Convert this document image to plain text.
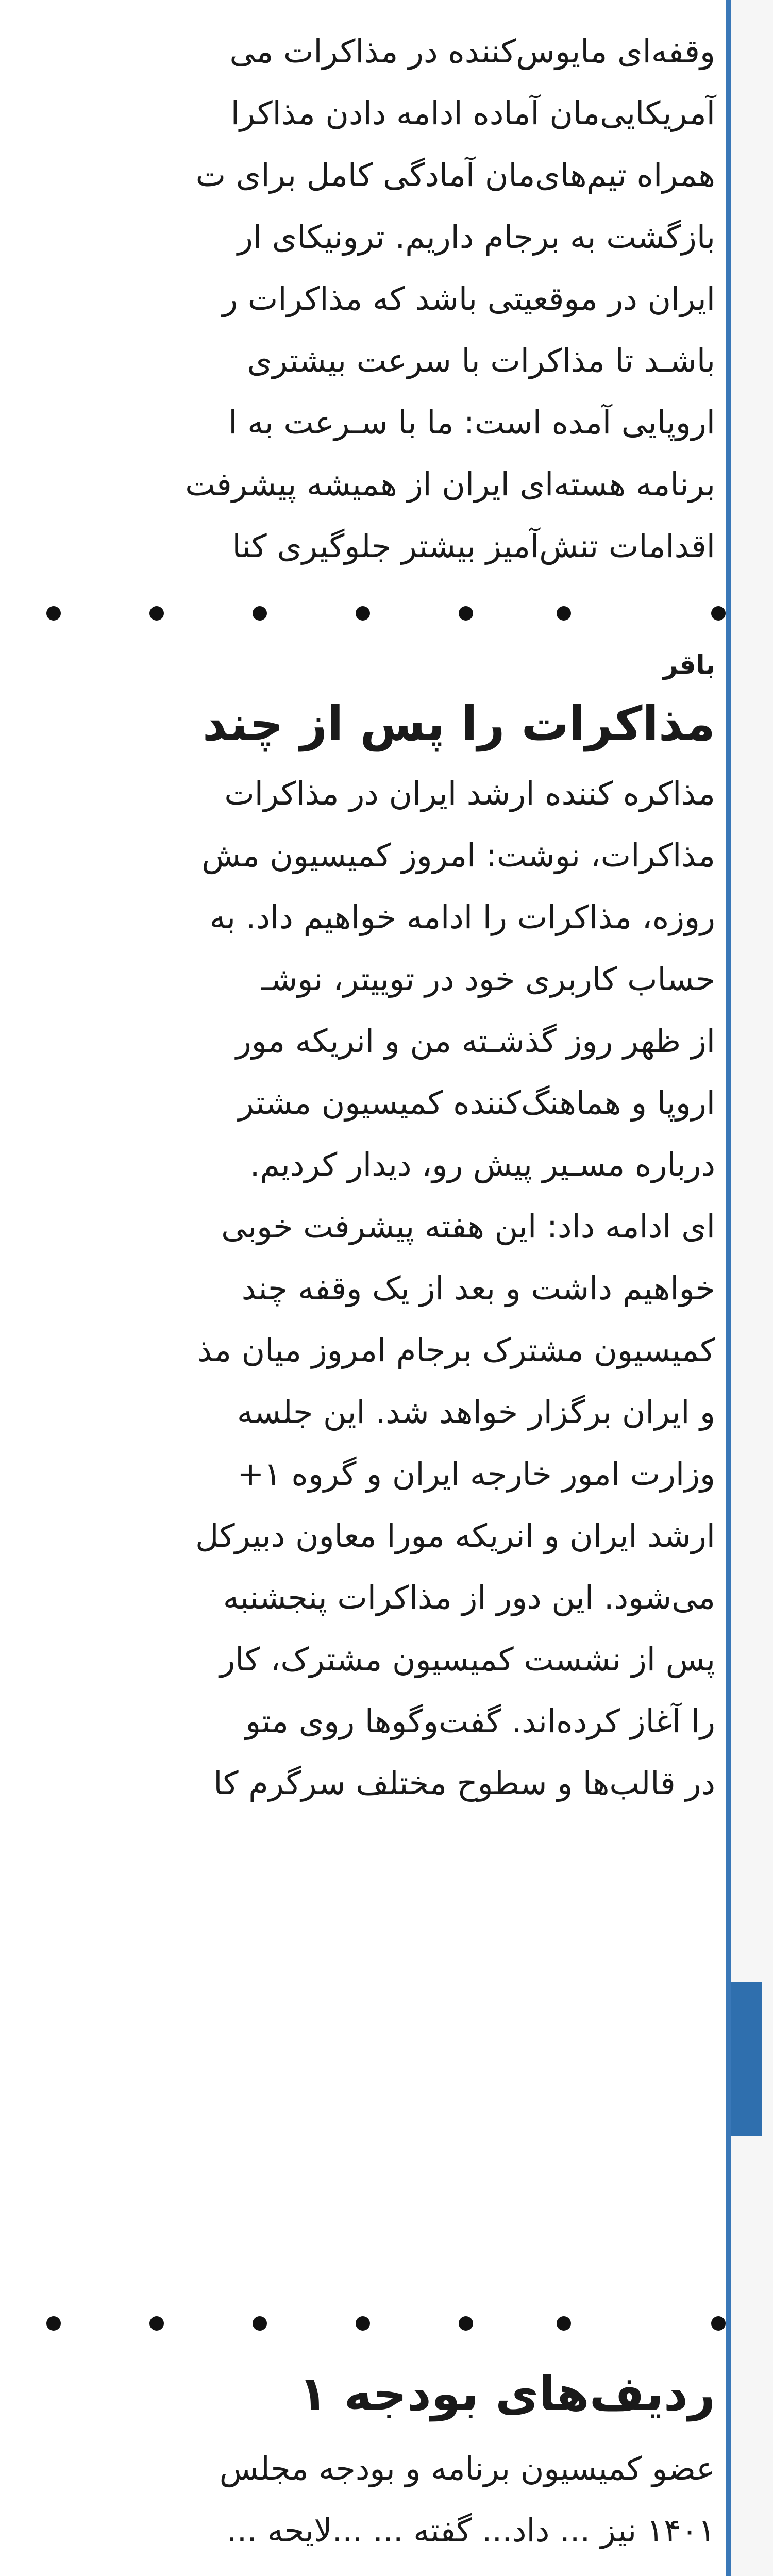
وقفه‌ای مایوس‌کننده در مذاکرات می

آمریکایی‌مان آماده ادامه دادن مذاکرا

همراه تیم‌های‌مان آمادگی کامل برای ت

بازگشت به برجام داریم. ترونیکای ار

ایران در موقعیتی باشد که مذاکرات ر

باشـد تا مذاکرات با سرعت بیشتری

اروپایی آمده است: ما با سـرعت به ا

برنامه هسته‌ای ایران از همیشه پیشرفت

اقدامات تنش‌آمیز بیشتر جلوگیری کنا

باقر
مذاکرات را پس از چند

مذاکره کننده ارشد ایران در مذاکرات

مذاکرات، نوشت: امروز کمیسیون مش

روزه، مذاکرات را ادامه خواهیم داد. به

حساب کاربری خود در توییتر، نوشـ

از ظهر روز گذشـته من و انریکه مور

اروپا و هماهنگ‌کننده کمیسیون مشتر

درباره مسـیر پیش رو، دیدار کردیم.

ای ادامه داد: این هفته پیشرفت خوبی

خواهیم داشت و بعد از یک وقفه چند

کمیسیون مشترک برجام امروز میان مذ

و ایران برگزار خواهد شد. این جلسه

وزارت امور خارجه ایران و گروه ۱+

ارشد ایران و انریکه مورا معاون دبیرکل

می‌شود. این دور از مذاکرات پنجشنبه

پس از نشست کمیسیون مشترک، کار

را آغاز کرده‌اند. گفت‌وگوها روی متو

در قالب‌ها و سطوح مختلف سرگرم کا

ردیف‌های بودجه ۱

عضو کمیسیون برنامه و بودجه مجلس

۱۴۰۱ نیز ... داد... گفته ... ...لایحه ...
